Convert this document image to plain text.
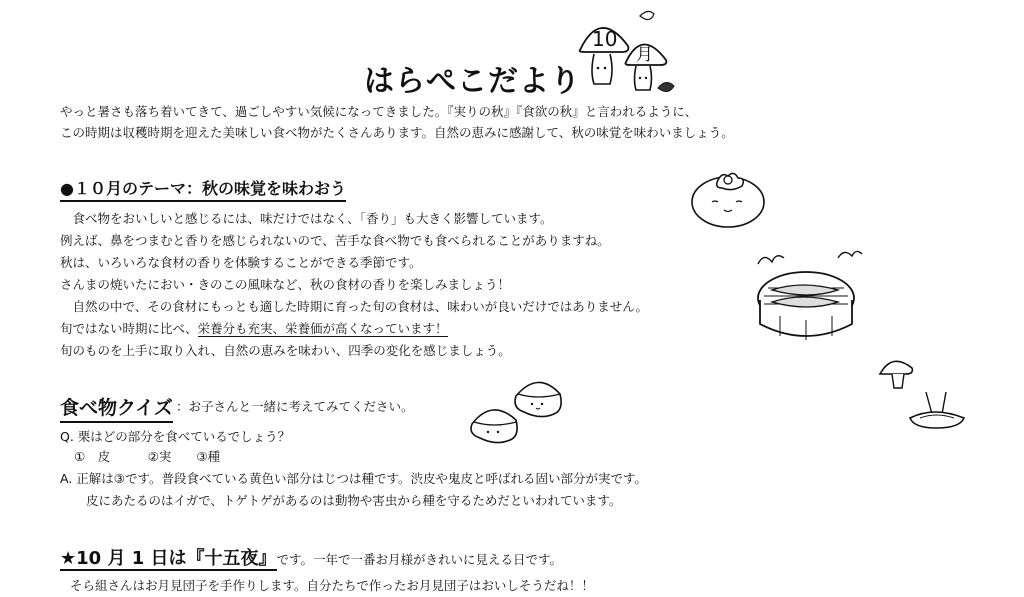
はらぺこだより
10
月
やっと暑さも落ち着いてきて、過ごしやすい気候になってきました。『実りの秋』『食欲の秋』と言われるように、
この時期は収穫時期を迎えた美味しい食べ物がたくさんあります。自然の恵みに感謝して、秋の味覚を味わいましょう。
●１０月のテーマ：秋の味覚を味わおう
　食べ物をおいしいと感じるには、味だけではなく、「香り」も大きく影響しています。
例えば、鼻をつまむと香りを感じられないので、苦手な食べ物でも食べられることがありますね。
秋は、いろいろな食材の香りを体験することができる季節です。
さんまの焼いたにおい・きのこの風味など、秋の食材の香りを楽しみましょう！
　自然の中で、その食材にもっとも適した時期に育った旬の食材は、味わいが良いだけではありません。
旬ではない時期に比べ、栄養分も充実、栄養価が高くなっています！
旬のものを上手に取り入れ、自然の恵みを味わい、四季の変化を感じましょう。
食べ物クイズ ：お子さんと一緒に考えてみてください。
Q. 栗はどの部分を食べているでしょう？
①　皮　　　②実　　③種
A. 正解は③です。普段食べている黄色い部分はじつは種です。渋皮や鬼皮と呼ばれる固い部分が実です。
皮にあたるのはイガで、トゲトゲがあるのは動物や害虫から種を守るためだといわれています。
★10 月 1 日は『十五夜』です。一年で一番お月様がきれいに見える日です。
そら組さんはお月見団子を手作りします。自分たちで作ったお月見団子はおいしそうだね！！
